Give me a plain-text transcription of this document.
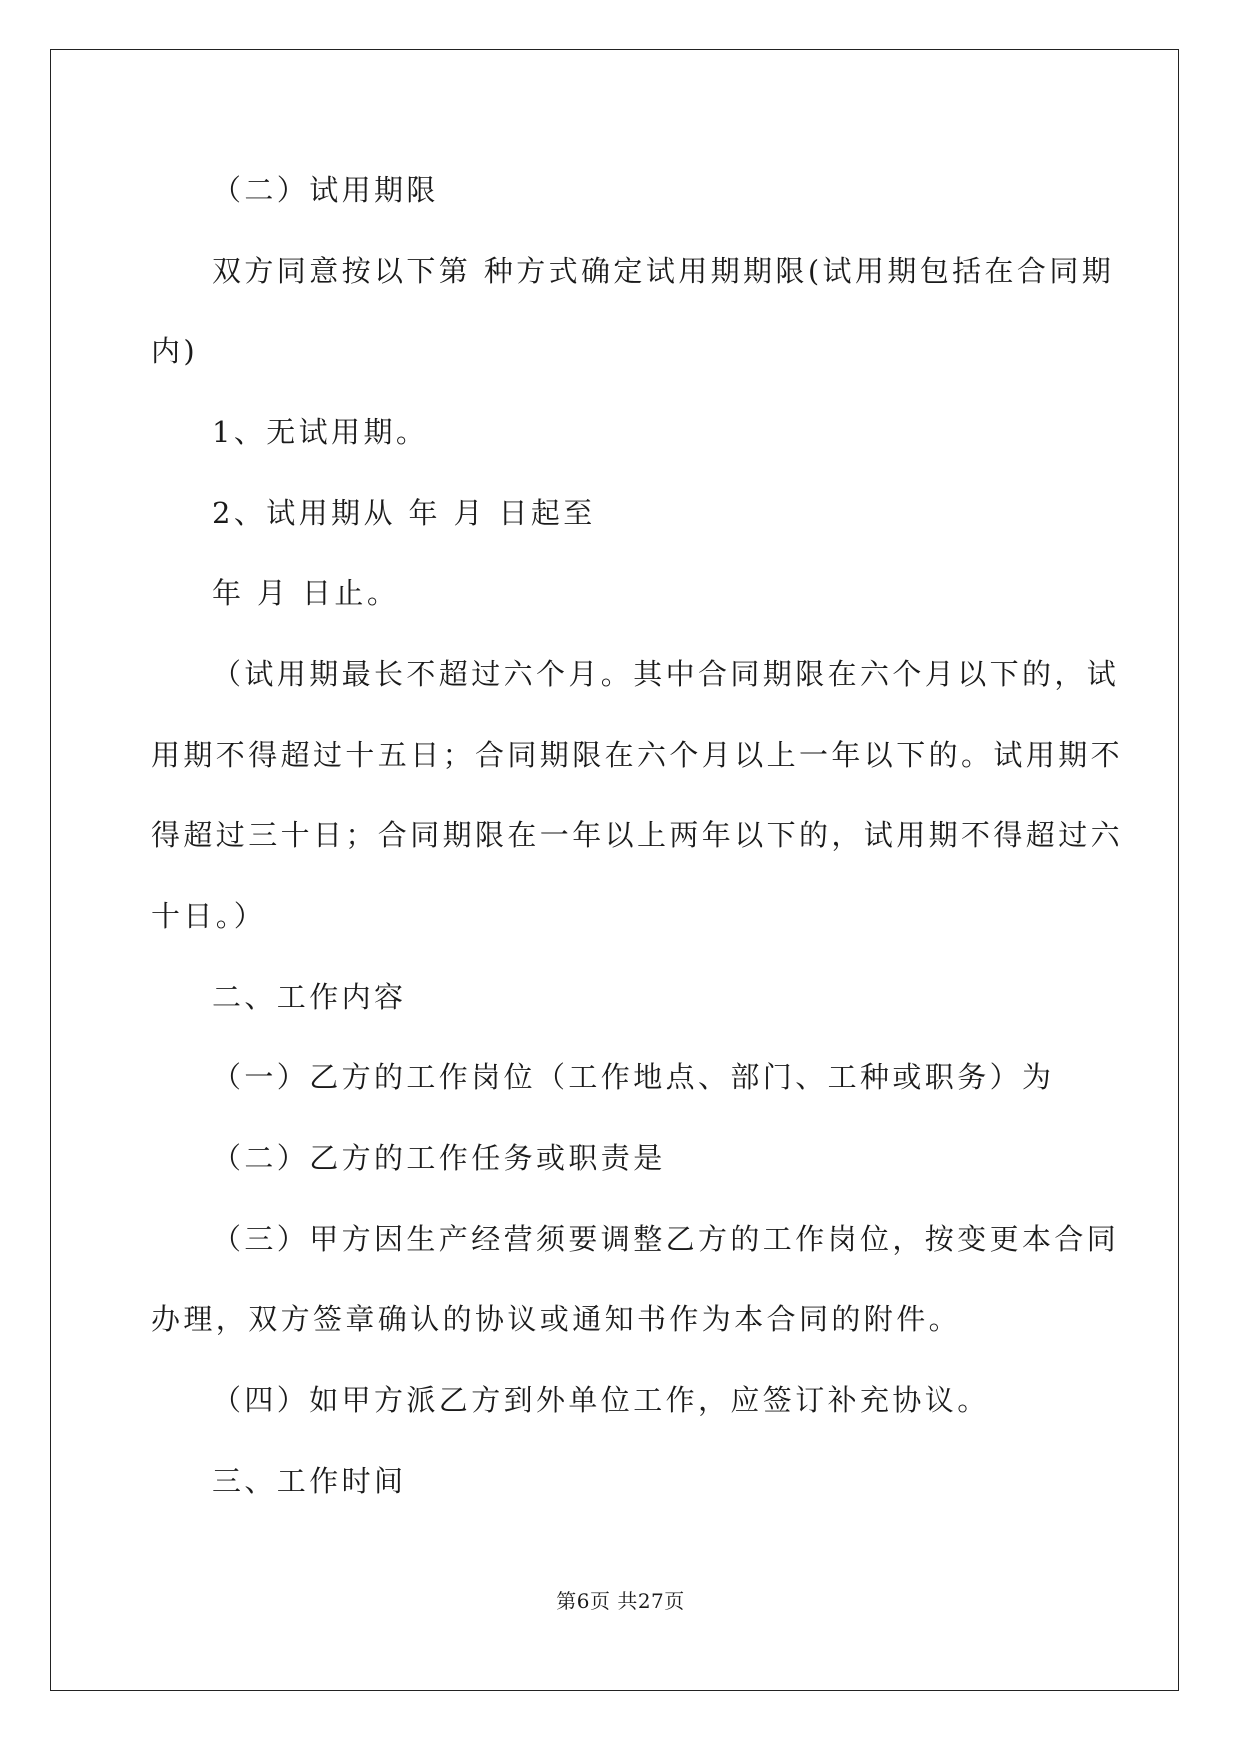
（二）试用期限
双方同意按以下第 种方式确定试用期期限(试用期包括在合同期
内)
1、无试用期。
2、试用期从 年 月 日起至
年 月 日止。
（试用期最长不超过六个月。其中合同期限在六个月以下的，试
用期不得超过十五日；合同期限在六个月以上一年以下的。试用期不
得超过三十日；合同期限在一年以上两年以下的，试用期不得超过六
十日。）
二、工作内容
（一）乙方的工作岗位（工作地点、部门、工种或职务）为
（二）乙方的工作任务或职责是
（三）甲方因生产经营须要调整乙方的工作岗位，按变更本合同
办理，双方签章确认的协议或通知书作为本合同的附件。
（四）如甲方派乙方到外单位工作，应签订补充协议。
三、工作时间
第6页 共27页
